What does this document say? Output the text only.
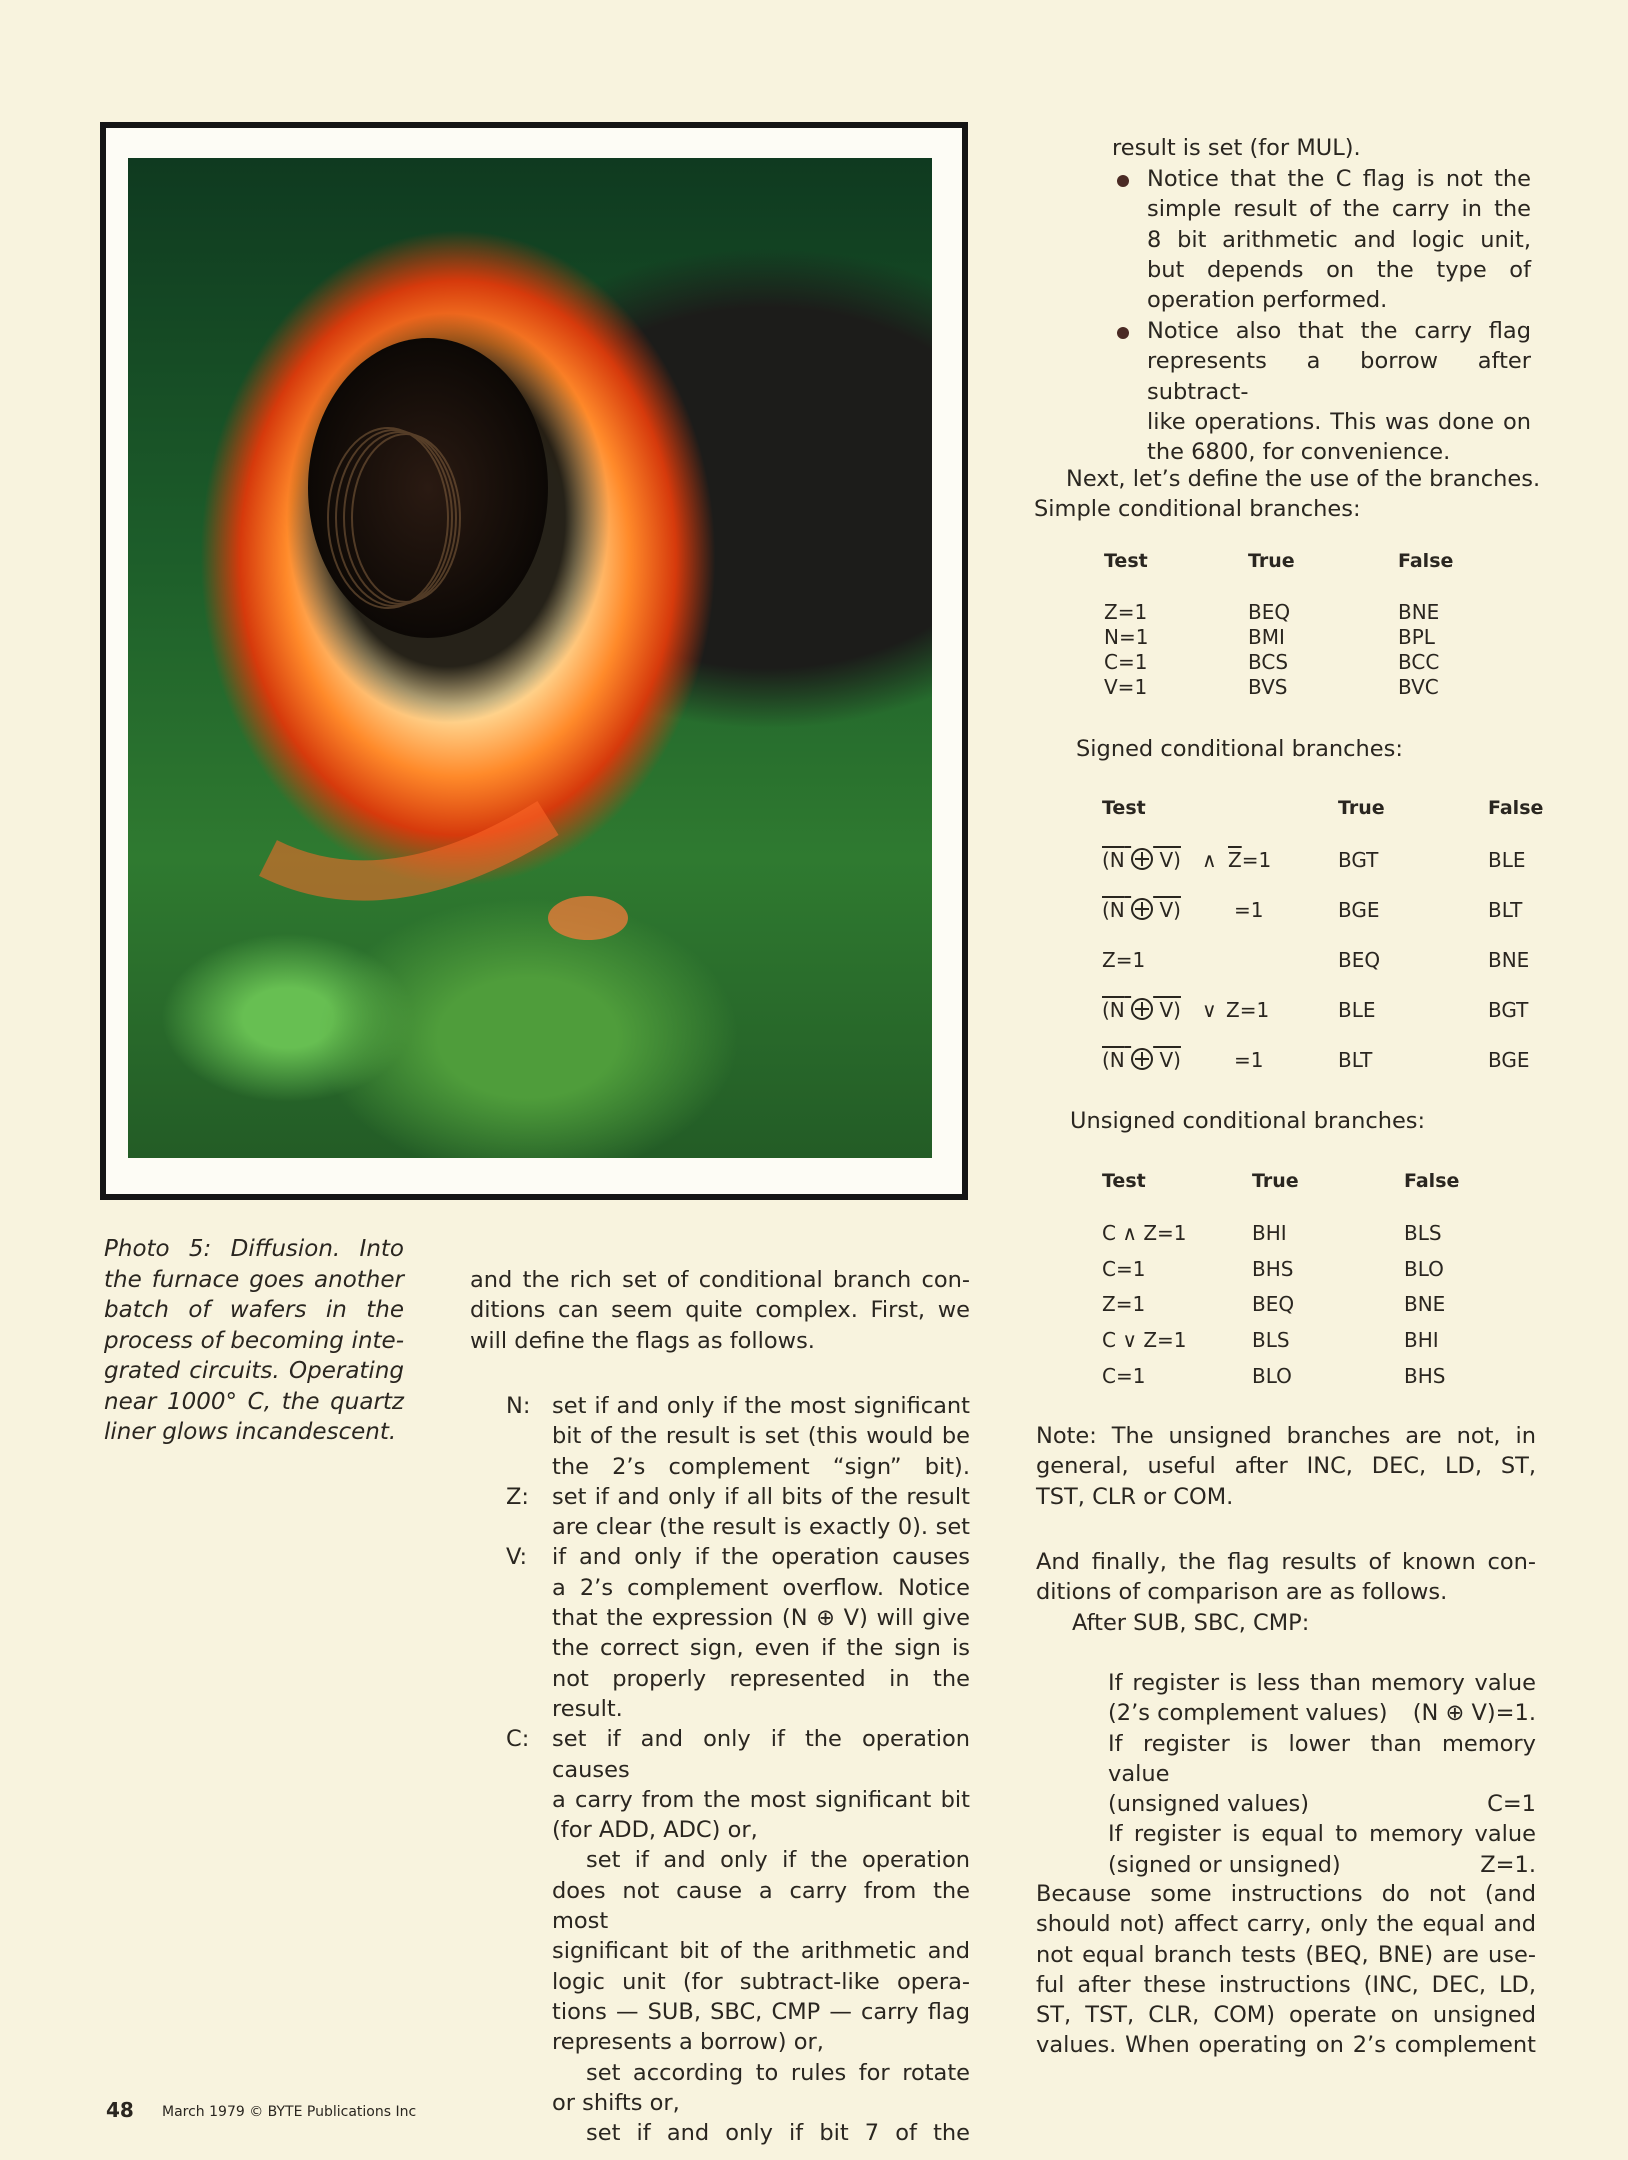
Photo 5: Diffusion. Into
the furnace goes another
batch of wafers in the
process of becoming inte-
grated circuits. Operating
near 1000° C, the quartz
liner glows incandescent.
and the rich set of conditional branch con-
ditions can seem quite complex. First, we
will define the flags as follows.
N: set if and only if the most significant
bit of the result is set (this would be
the 2’s complement “sign” bit).
Z: set if and only if all bits of the result
are clear (the result is exactly 0). set
V: if and only if the operation causes
a 2’s complement overflow. Notice
that the expression (N ⊕ V) will give
the correct sign, even if the sign is
not properly represented in the result.
C: set if and only if the operation causes
a carry from the most significant bit
(for ADD, ADC) or,
set if and only if the operation
does not cause a carry from the most
significant bit of the arithmetic and
logic unit (for subtract-like opera-
tions — SUB, SBC, CMP — carry flag
represents a borrow) or,
set according to rules for rotate
or shifts or,
set if and only if bit 7 of the
result is set (for MUL).
Notice that the C flag is not the
simple result of the carry in the
8 bit arithmetic and logic unit,
but depends on the type of
operation performed.
Notice also that the carry flag
represents a borrow after subtract-
like operations. This was done on
the 6800, for convenience.
Next, let’s define the use of the branches.
Simple conditional branches:
Test	True	False
Z=1	BEQ	BNE
N=1	BMI	BPL
C=1	BCS	BCC
V=1	BVS	BVC
Signed conditional branches:
Test	True	False
(N V) ∧ $\overline{Z}=1$	BGT	BLE
(N V)	=1	BGE	BLT
Z=1	BEQ	BNE
(N V) ∨ Z=1	BLE	BGT
(N V)	=1	BLT	BGE
Unsigned conditional branches:
Test	True	False
C ∧ Z=1	BHI	BLS
C=1	BHS	BLO
Z=1	BEQ	BNE
C ∨ Z=1	BLS	BHI
C=1	BLO	BHS
Note: The unsigned branches are not, in
general, useful after INC, DEC, LD, ST,
TST, CLR or COM.
And finally, the flag results of known con-
ditions of comparison are as follows.
After SUB, SBC, CMP:
If register is less than memory value
(2’s complement values) (N ⊕ V)=1.
If register is lower than memory value
(unsigned values)	C=1
If register is equal to memory value
(signed or unsigned)	Z=1.
Because some instructions do not (and
should not) affect carry, only the equal and
not equal branch tests (BEQ, BNE) are use-
ful after these instructions (INC, DEC, LD,
ST, TST, CLR, COM) operate on unsigned
values. When operating on 2’s complement
48 March 1979 © BYTE Publications Inc
